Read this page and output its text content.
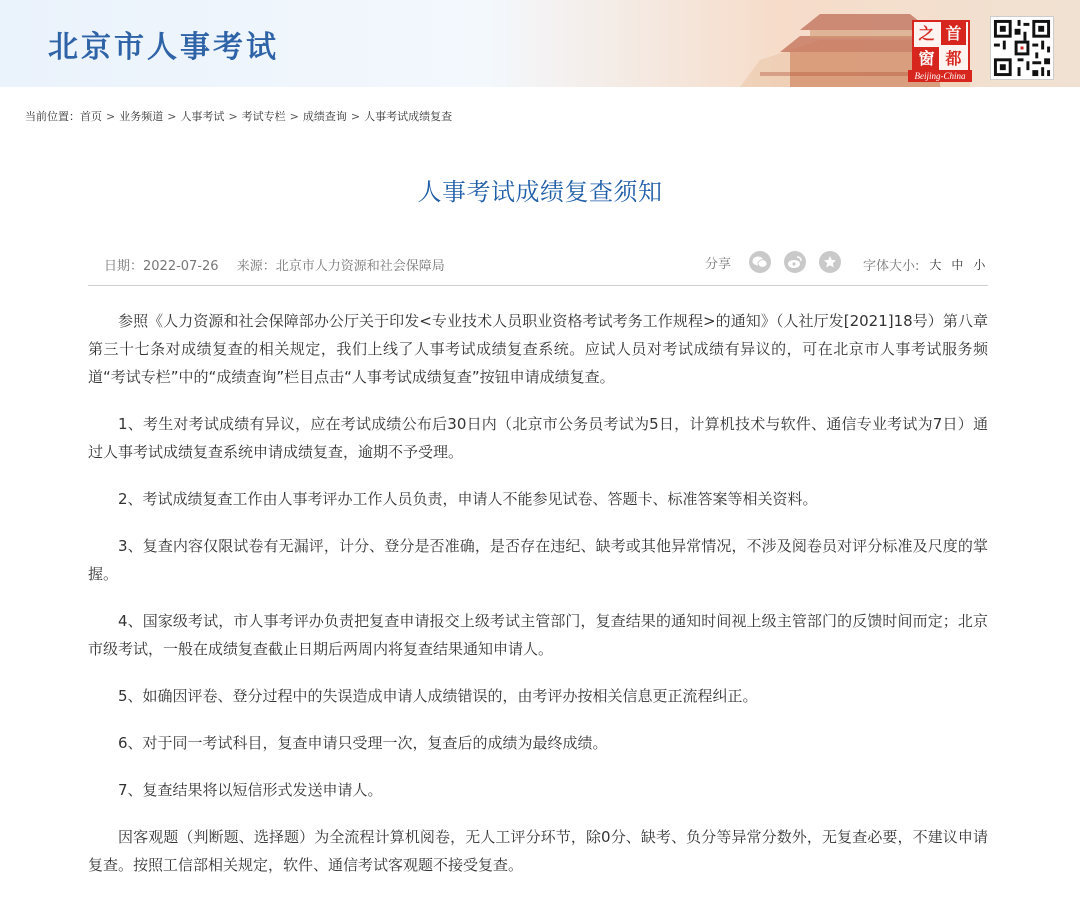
北京市人事考试	之 首
窗 都
Beijing-China
当前位置：首页 > 业务频道 > 人事考试 > 考试专栏 > 成绩查询 > 人事考试成绩复查
人事考试成绩复查须知
日期：2022-07-26 来源：北京市人力资源和社会保障局	分享	字体大小: 大 中 小

参照《人力资源和社会保障部办公厅关于印发<专业技术人员职业资格考试考务工作规程>的通知》（人社厅发[2021]18号）第八章第三十七条对成绩复查的相关规定，我们上线了人事考试成绩复查系统。应试人员对考试成绩有异议的，可在北京市人事考试服务频道“考试专栏”中的“成绩查询”栏目点击“人事考试成绩复查”按钮申请成绩复查。

1、考生对考试成绩有异议，应在考试成绩公布后30日内（北京市公务员考试为5日，计算机技术与软件、通信专业考试为7日）通过人事考试成绩复查系统申请成绩复查，逾期不予受理。

2、考试成绩复查工作由人事考评办工作人员负责，申请人不能参见试卷、答题卡、标准答案等相关资料。

3、复查内容仅限试卷有无漏评，计分、登分是否准确，是否存在违纪、缺考或其他异常情况，不涉及阅卷员对评分标准及尺度的掌握。

4、国家级考试，市人事考评办负责把复查申请报交上级考试主管部门，复查结果的通知时间视上级主管部门的反馈时间而定；北京市级考试，一般在成绩复查截止日期后两周内将复查结果通知申请人。

5、如确因评卷、登分过程中的失误造成申请人成绩错误的，由考评办按相关信息更正流程纠正。

6、对于同一考试科目，复查申请只受理一次，复查后的成绩为最终成绩。

7、复查结果将以短信形式发送申请人。

因客观题（判断题、选择题）为全流程计算机阅卷，无人工评分环节，除0分、缺考、负分等异常分数外，无复查必要，不建议申请复查。按照工信部相关规定，软件、通信考试客观题不接受复查。
